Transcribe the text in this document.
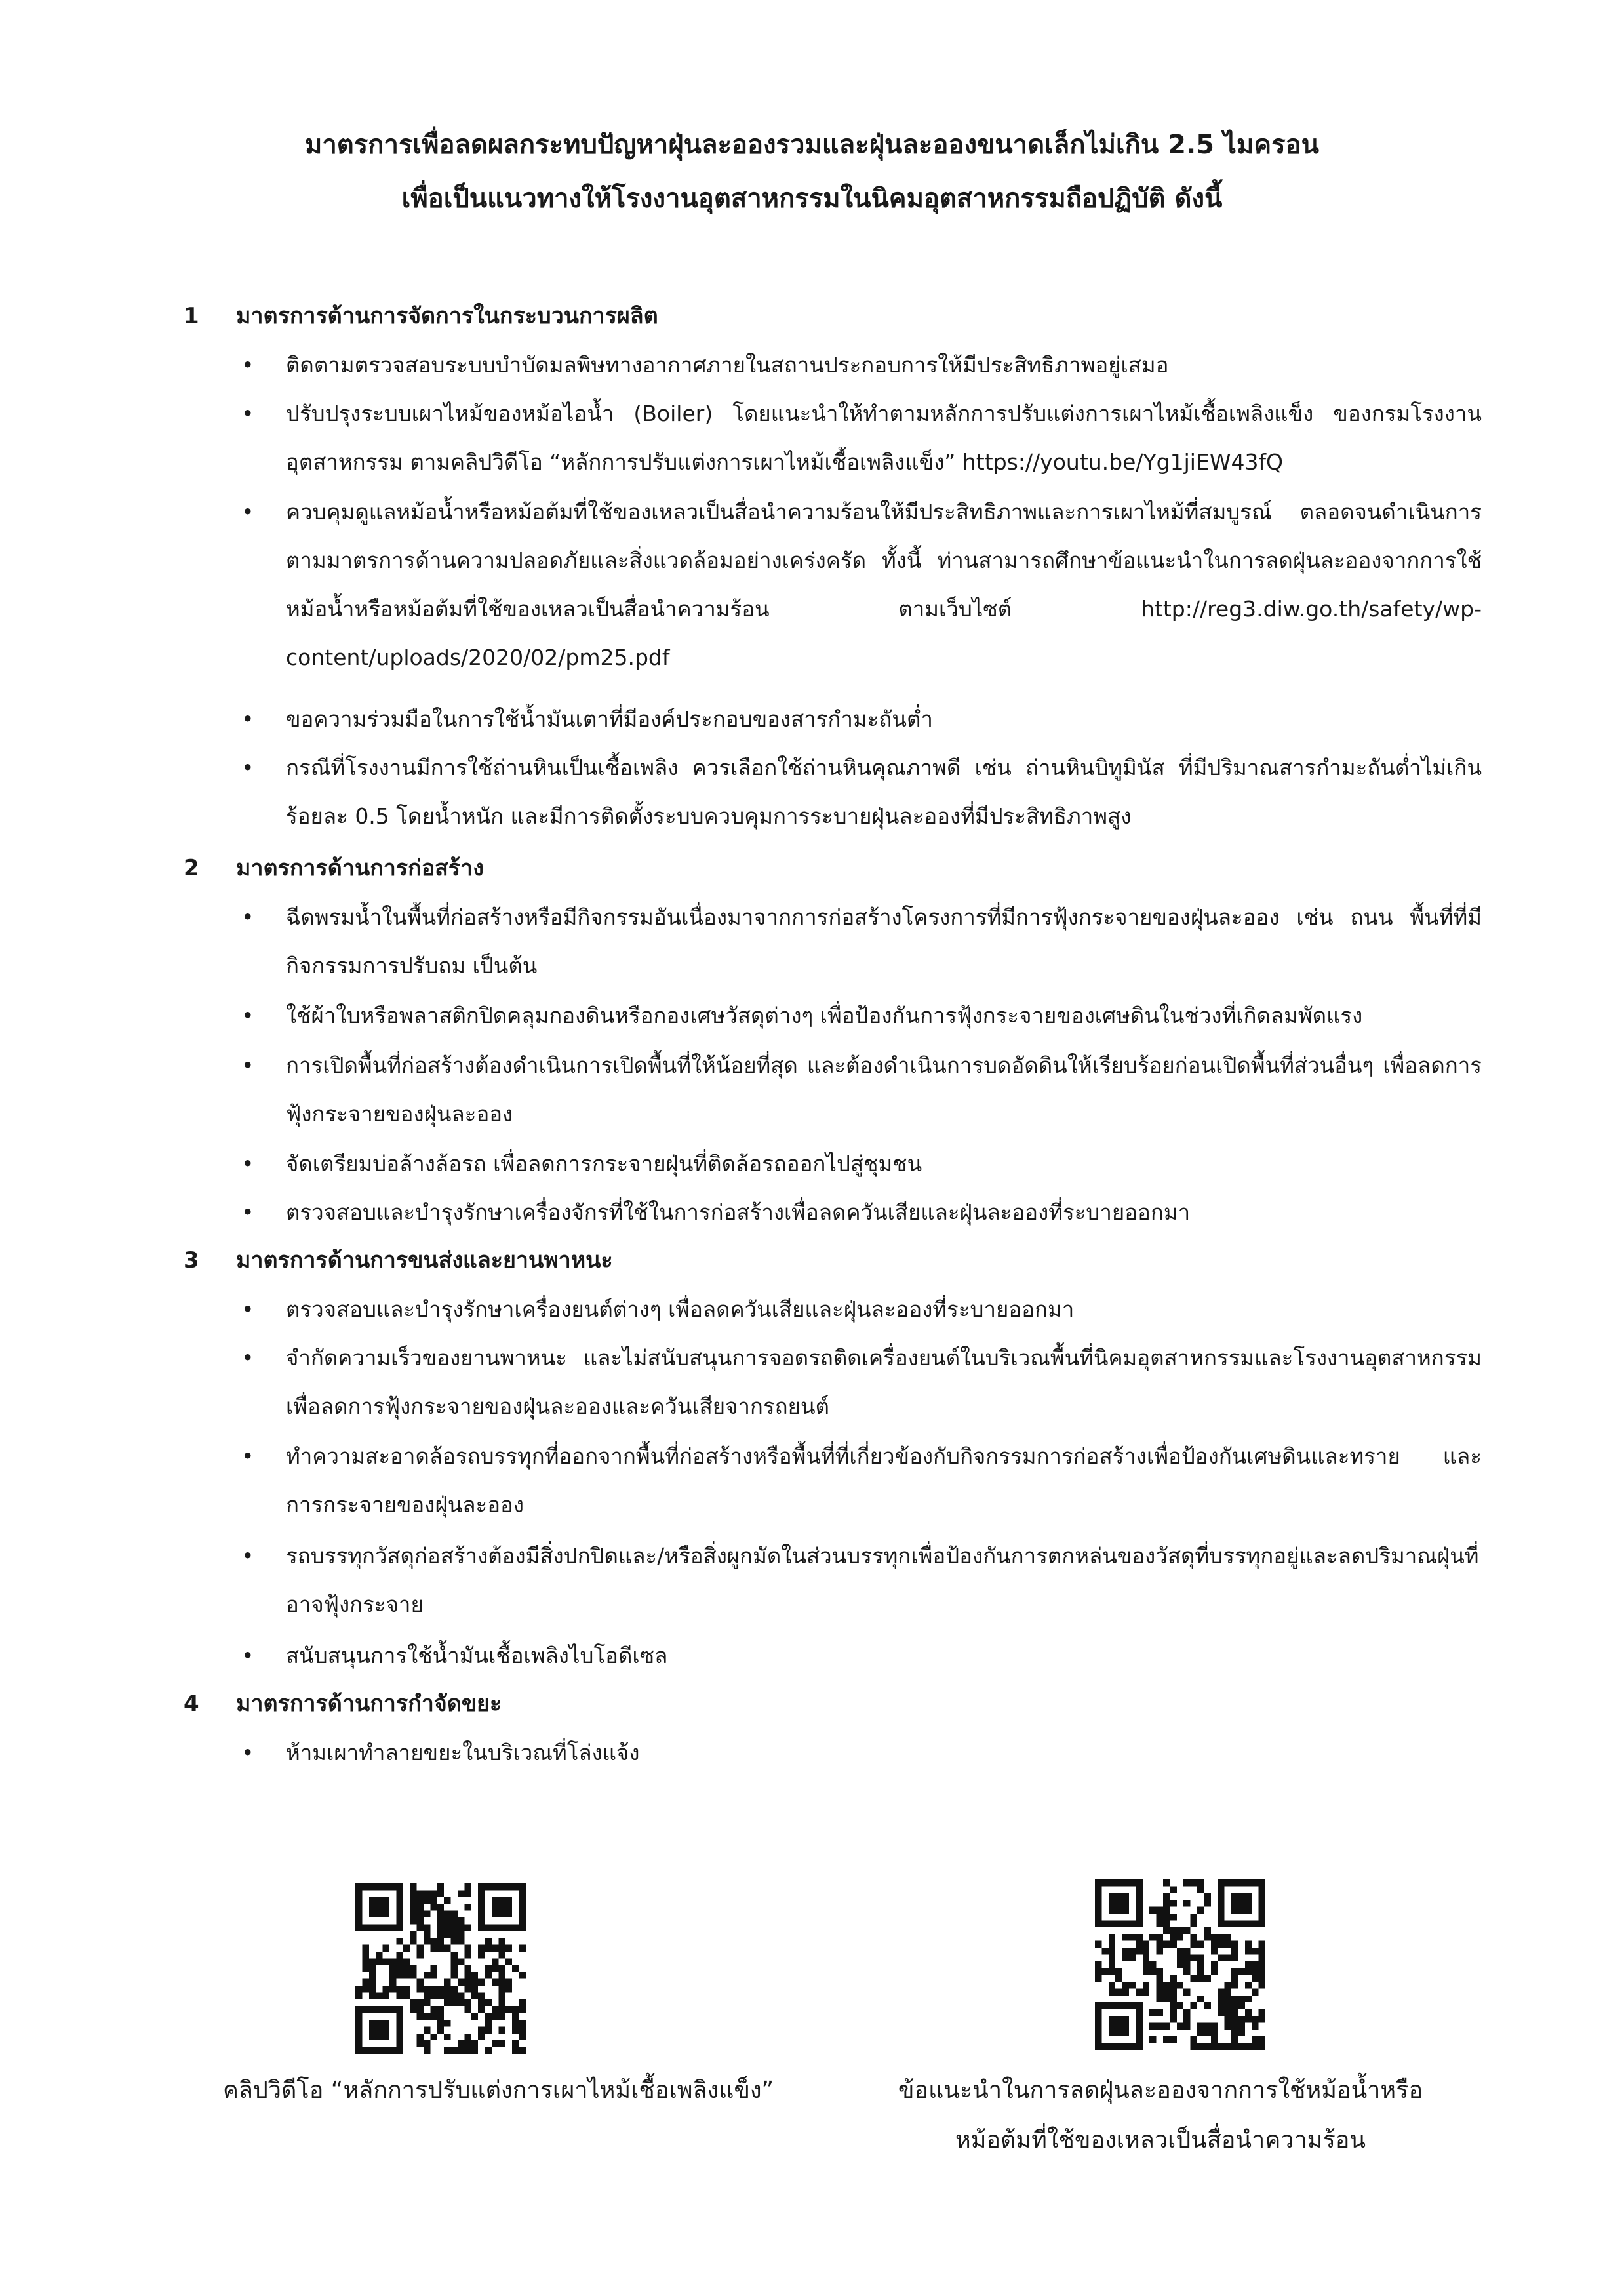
มาตรการเพื่อลดผลกระทบปัญหาฝุ่นละอองรวมและฝุ่นละอองขนาดเล็กไม่เกิน 2.5 ไมครอน
เพื่อเป็นแนวทางให้โรงงานอุตสาหกรรมในนิคมอุตสาหกรรมถือปฏิบัติ ดังนี้
1 มาตรการด้านการจัดการในกระบวนการผลิต
•	ติดตามตรวจสอบระบบบำบัดมลพิษทางอากาศภายในสถานประกอบการให้มีประสิทธิภาพอยู่เสมอ
•	ปรับปรุงระบบเผาไหม้ของหม้อไอน้ำ (Boiler) โดยแนะนำให้ทำตามหลักการปรับแต่งการเผาไหม้เชื้อเพลิงแข็ง ของกรมโรงงานอุตสาหกรรม ตามคลิปวิดีโอ “หลักการปรับแต่งการเผาไหม้เชื้อเพลิงแข็ง” https://youtu.be/Yg1jiEW43fQ
•	ควบคุมดูแลหม้อน้ำหรือหม้อต้มที่ใช้ของเหลวเป็นสื่อนำความร้อนให้มีประสิทธิภาพและการเผาไหม้ที่สมบูรณ์ ตลอดจนดำเนินการตามมาตรการด้านความปลอดภัยและสิ่งแวดล้อมอย่างเคร่งครัด ทั้งนี้ ท่านสามารถศึกษาข้อแนะนำในการลดฝุ่นละอองจากการใช้หม้อน้ำหรือหม้อต้มที่ใช้ของเหลวเป็นสื่อนำความร้อน ตามเว็บไซต์ http://reg3.diw.go.th/safety/wp-content/uploads/2020/02/pm25.pdf
•	ขอความร่วมมือในการใช้น้ำมันเตาที่มีองค์ประกอบของสารกำมะถันต่ำ
•	กรณีที่โรงงานมีการใช้ถ่านหินเป็นเชื้อเพลิง ควรเลือกใช้ถ่านหินคุณภาพดี เช่น ถ่านหินบิทูมินัส ที่มีปริมาณสารกำมะถันต่ำไม่เกินร้อยละ 0.5 โดยน้ำหนัก และมีการติดตั้งระบบควบคุมการระบายฝุ่นละอองที่มีประสิทธิภาพสูง
2 มาตรการด้านการก่อสร้าง
•	ฉีดพรมน้ำในพื้นที่ก่อสร้างหรือมีกิจกรรมอันเนื่องมาจากการก่อสร้างโครงการที่มีการฟุ้งกระจายของฝุ่นละออง เช่น ถนน พื้นที่ที่มีกิจกรรมการปรับถม เป็นต้น
•	ใช้ผ้าใบหรือพลาสติกปิดคลุมกองดินหรือกองเศษวัสดุต่างๆ เพื่อป้องกันการฟุ้งกระจายของเศษดินในช่วงที่เกิดลมพัดแรง
•	การเปิดพื้นที่ก่อสร้างต้องดำเนินการเปิดพื้นที่ให้น้อยที่สุด และต้องดำเนินการบดอัดดินให้เรียบร้อยก่อนเปิดพื้นที่ส่วนอื่นๆ เพื่อลดการฟุ้งกระจายของฝุ่นละออง
•	จัดเตรียมบ่อล้างล้อรถ เพื่อลดการกระจายฝุ่นที่ติดล้อรถออกไปสู่ชุมชน
•	ตรวจสอบและบำรุงรักษาเครื่องจักรที่ใช้ในการก่อสร้างเพื่อลดควันเสียและฝุ่นละอองที่ระบายออกมา
3 มาตรการด้านการขนส่งและยานพาหนะ
•	ตรวจสอบและบำรุงรักษาเครื่องยนต์ต่างๆ เพื่อลดควันเสียและฝุ่นละอองที่ระบายออกมา
•	จำกัดความเร็วของยานพาหนะ และไม่สนับสนุนการจอดรถติดเครื่องยนต์ในบริเวณพื้นที่นิคมอุตสาหกรรมและโรงงานอุตสาหกรรม เพื่อลดการฟุ้งกระจายของฝุ่นละอองและควันเสียจากรถยนต์
•	ทำความสะอาดล้อรถบรรทุกที่ออกจากพื้นที่ก่อสร้างหรือพื้นที่ที่เกี่ยวข้องกับกิจกรรมการก่อสร้างเพื่อป้องกันเศษดินและทราย และการกระจายของฝุ่นละออง
•	รถบรรทุกวัสดุก่อสร้างต้องมีสิ่งปกปิดและ/หรือสิ่งผูกมัดในส่วนบรรทุกเพื่อป้องกันการตกหล่นของวัสดุที่บรรทุกอยู่และลดปริมาณฝุ่นที่อาจฟุ้งกระจาย
•	สนับสนุนการใช้น้ำมันเชื้อเพลิงไบโอดีเซล
4 มาตรการด้านการกำจัดขยะ
•	ห้ามเผาทำลายขยะในบริเวณที่โล่งแจ้ง
คลิปวิดีโอ “หลักการปรับแต่งการเผาไหม้เชื้อเพลิงแข็ง”	ข้อแนะนำในการลดฝุ่นละอองจากการใช้หม้อน้ำหรือ
หม้อต้มที่ใช้ของเหลวเป็นสื่อนำความร้อน
